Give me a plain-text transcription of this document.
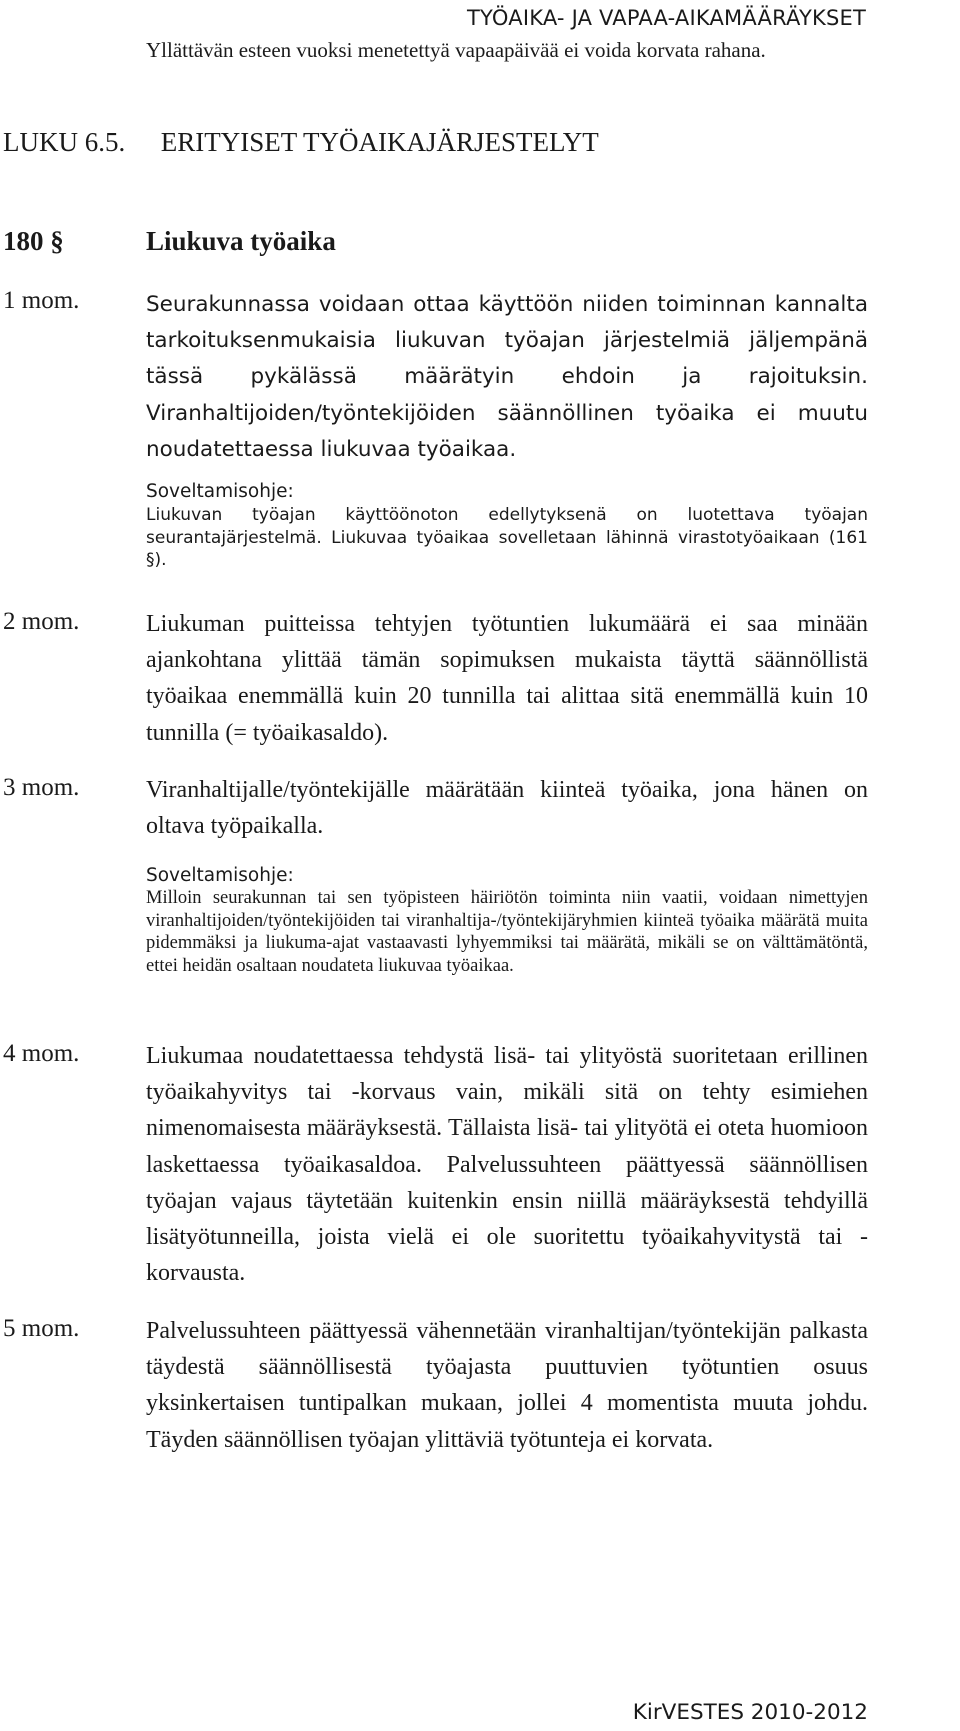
TYÖAIKA- JA VAPAA-AIKAMÄÄRÄYKSET
Yllättävän esteen vuoksi menetettyä vapaapäivää ei voida korvata rahana.
LUKU 6.5. ERITYISET TYÖAIKAJÄRJESTELYT
180 §	Liukuva työaika
1 mom.	Seurakunnassa voidaan ottaa käyttöön niiden toiminnan kannalta tarkoituksenmukaisia liukuvan työajan järjestelmiä jäljempänä tässä pykälässä määrätyin ehdoin ja rajoituksin. Viranhaltijoiden/työntekijöiden säännöllinen työaika ei muutu noudatettaessa liukuvaa työaikaa.
Soveltamisohje:
Liukuvan työajan käyttöönoton edellytyksenä on luotettava työajan seurantajärjestelmä. Liukuvaa työaikaa sovelletaan lähinnä virastotyöaikaan (161 §).
2 mom.	Liukuman puitteissa tehtyjen työtuntien lukumäärä ei saa minään ajankohtana ylittää tämän sopimuksen mukaista täyttä säännöllistä työaikaa enemmällä kuin 20 tunnilla tai alittaa sitä enemmällä kuin 10 tunnilla (= työaikasaldo).
3 mom.	Viranhaltijalle/työntekijälle määrätään kiinteä työaika, jona hänen on oltava työpaikalla.
Soveltamisohje:
Milloin seurakunnan tai sen työpisteen häiriötön toiminta niin vaatii, voidaan nimettyjen viranhaltijoiden/työntekijöiden tai viranhaltija-/työntekijäryhmien kiinteä työaika määrätä muita pidemmäksi ja liukuma-ajat vastaavasti lyhyemmiksi tai määrätä, mikäli se on välttämätöntä, ettei heidän osaltaan noudateta liukuvaa työaikaa.
4 mom.	Liukumaa noudatettaessa tehdystä lisä- tai ylityöstä suoritetaan erillinen työaikahyvitys tai -korvaus vain, mikäli sitä on tehty esimiehen nimenomaisesta määräyksestä. Tällaista lisä- tai ylityötä ei oteta huomioon laskettaessa työaikasaldoa. Palvelussuhteen päättyessä säännöllisen työajan vajaus täytetään kuitenkin ensin niillä määräyksestä tehdyillä lisätyötunneilla, joista vielä ei ole suoritettu työaikahyvitystä tai -korvausta.
5 mom.	Palvelussuhteen päättyessä vähennetään viranhaltijan/työntekijän palkasta täydestä säännöllisestä työajasta puuttuvien työtuntien osuus yksinkertaisen tuntipalkan mukaan, jollei 4 momentista muuta johdu. Täyden säännöllisen työajan ylittäviä työtunteja ei korvata.
KirVESTES 2010-2012
